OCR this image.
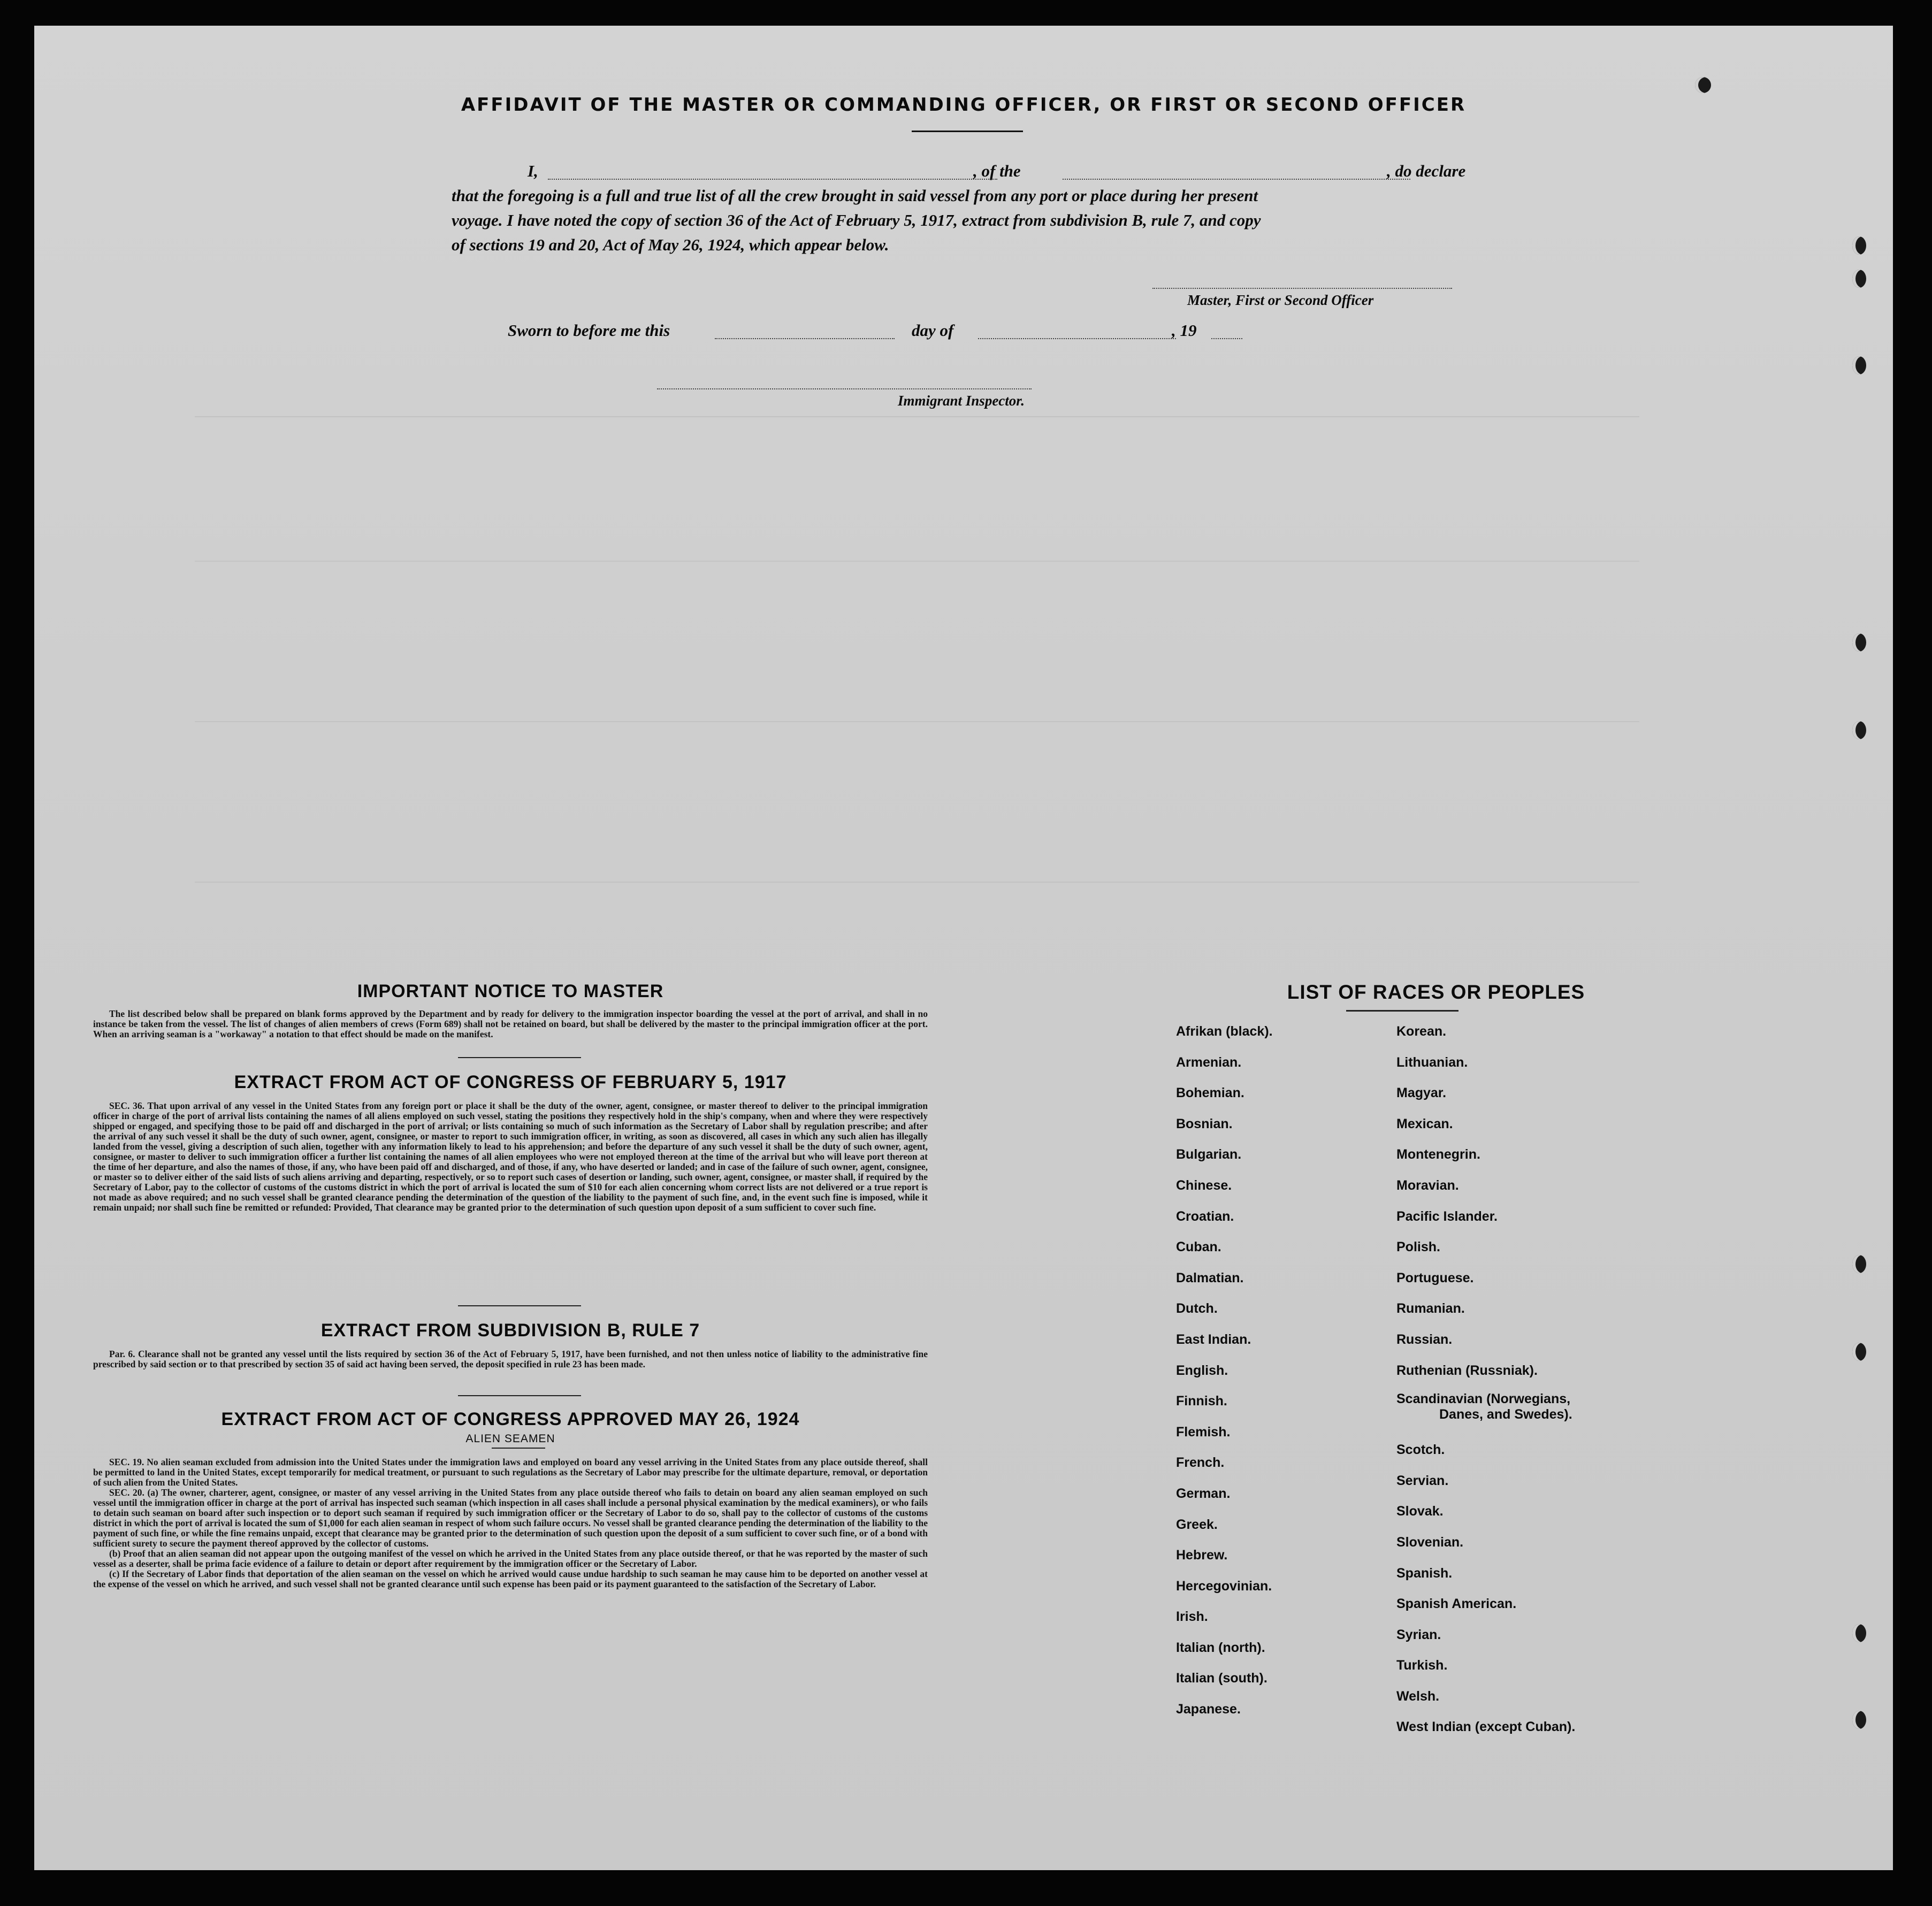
AFFIDAVIT OF THE MASTER OR COMMANDING OFFICER, OR FIRST OR SECOND OFFICER
I,	, of the	, do declare
that the foregoing is a full and true list of all the crew brought in said vessel from any port or place during her present
voyage. I have noted the copy of section 36 of the Act of February 5, 1917, extract from subdivision B, rule 7, and copy
of sections 19 and 20, Act of May 26, 1924, which appear below.
Master, First or Second Officer
Sworn to before me this	day of	, 19
Immigrant Inspector.
IMPORTANT NOTICE TO MASTER

The list described below shall be prepared on blank forms approved by the Department and by ready for delivery to the immigration inspector boarding the vessel at the port of arrival, and shall in no instance be taken from the vessel. The list of changes of alien members of crews (Form 689) shall not be retained on board, but shall be delivered by the master to the principal immigration officer at the port. When an arriving seaman is a "workaway" a notation to that effect should be made on the manifest.

EXTRACT FROM ACT OF CONGRESS OF FEBRUARY 5, 1917

SEC. 36. That upon arrival of any vessel in the United States from any foreign port or place it shall be the duty of the owner, agent, consignee, or master thereof to deliver to the principal immigration officer in charge of the port of arrival lists containing the names of all aliens employed on such vessel, stating the positions they respectively hold in the ship's company, when and where they were respectively shipped or engaged, and specifying those to be paid off and discharged in the port of arrival; or lists containing so much of such information as the Secretary of Labor shall by regulation prescribe; and after the arrival of any such vessel it shall be the duty of such owner, agent, consignee, or master to report to such immigration officer, in writing, as soon as discovered, all cases in which any such alien has illegally landed from the vessel, giving a description of such alien, together with any information likely to lead to his apprehension; and before the departure of any such vessel it shall be the duty of such owner, agent, consignee, or master to deliver to such immigration officer a further list containing the names of all alien employees who were not employed thereon at the time of the arrival but who will leave port thereon at the time of her departure, and also the names of those, if any, who have been paid off and discharged, and of those, if any, who have deserted or landed; and in case of the failure of such owner, agent, consignee, or master so to deliver either of the said lists of such aliens arriving and departing, respectively, or so to report such cases of desertion or landing, such owner, agent, consignee, or master shall, if required by the Secretary of Labor, pay to the collector of customs of the customs district in which the port of arrival is located the sum of $10 for each alien concerning whom correct lists are not delivered or a true report is not made as above required; and no such vessel shall be granted clearance pending the determination of the question of the liability to the payment of such fine, and, in the event such fine is imposed, while it remain unpaid; nor shall such fine be remitted or refunded: Provided, That clearance may be granted prior to the determination of such question upon deposit of a sum sufficient to cover such fine.

EXTRACT FROM SUBDIVISION B, RULE 7

Par. 6. Clearance shall not be granted any vessel until the lists required by section 36 of the Act of February 5, 1917, have been furnished, and not then unless notice of liability to the administrative fine prescribed by said section or to that prescribed by section 35 of said act having been served, the deposit specified in rule 23 has been made.

EXTRACT FROM ACT OF CONGRESS APPROVED MAY 26, 1924
ALIEN SEAMEN

SEC. 19. No alien seaman excluded from admission into the United States under the immigration laws and employed on board any vessel arriving in the United States from any place outside thereof, shall be permitted to land in the United States, except temporarily for medical treatment, or pursuant to such regulations as the Secretary of Labor may prescribe for the ultimate departure, removal, or deportation of such alien from the United States.

SEC. 20. (a) The owner, charterer, agent, consignee, or master of any vessel arriving in the United States from any place outside thereof who fails to detain on board any alien seaman employed on such vessel until the immigration officer in charge at the port of arrival has inspected such seaman (which inspection in all cases shall include a personal physical examination by the medical examiners), or who fails to detain such seaman on board after such inspection or to deport such seaman if required by such immigration officer or the Secretary of Labor to do so, shall pay to the collector of customs of the customs district in which the port of arrival is located the sum of $1,000 for each alien seaman in respect of whom such failure occurs. No vessel shall be granted clearance pending the determination of the liability to the payment of such fine, or while the fine remains unpaid, except that clearance may be granted prior to the determination of such question upon the deposit of a sum sufficient to cover such fine, or of a bond with sufficient surety to secure the payment thereof approved by the collector of customs.

(b) Proof that an alien seaman did not appear upon the outgoing manifest of the vessel on which he arrived in the United States from any place outside thereof, or that he was reported by the master of such vessel as a deserter, shall be prima facie evidence of a failure to detain or deport after requirement by the immigration officer or the Secretary of Labor.

(c) If the Secretary of Labor finds that deportation of the alien seaman on the vessel on which he arrived would cause undue hardship to such seaman he may cause him to be deported on another vessel at the expense of the vessel on which he arrived, and such vessel shall not be granted clearance until such expense has been paid or its payment guaranteed to the satisfaction of the Secretary of Labor.

LIST OF RACES OR PEOPLES
Afrikan (black).
Armenian.
Bohemian.
Bosnian.
Bulgarian.
Chinese.
Croatian.
Cuban.
Dalmatian.
Dutch.
East Indian.
English.
Finnish.
Flemish.
French.
German.
Greek.
Hebrew.
Hercegovinian.
Irish.
Italian (north).
Italian (south).
Japanese.
Korean.
Lithuanian.
Magyar.
Mexican.
Montenegrin.
Moravian.
Pacific Islander.
Polish.
Portuguese.
Rumanian.
Russian.
Ruthenian (Russniak).
Scandinavian (Norwegians,
Danes, and Swedes).
Scotch.
Servian.
Slovak.
Slovenian.
Spanish.
Spanish American.
Syrian.
Turkish.
Welsh.
West Indian (except Cuban).
